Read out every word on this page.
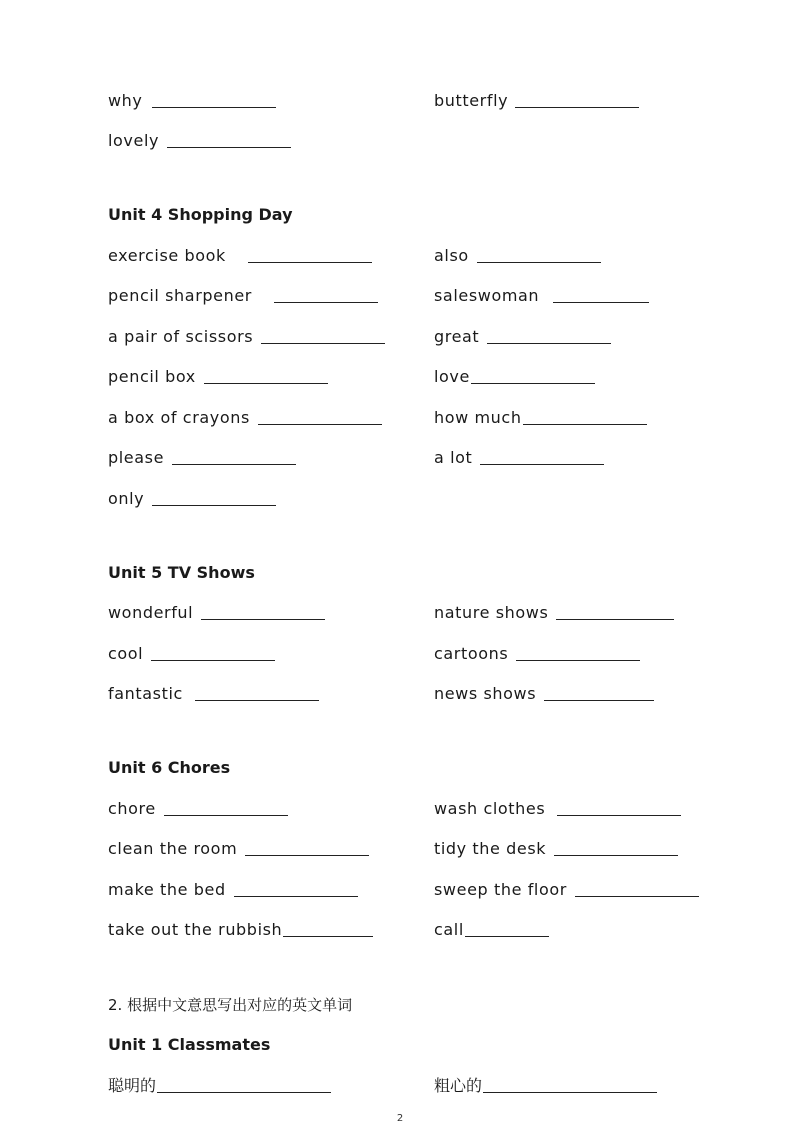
why	butterfly
lovely
Unit 4 Shopping Day
exercise book	also
pencil sharpener	saleswoman
a pair of scissors	great
pencil box	love
a box of crayons	how much
please	a lot
only
Unit 5 TV Shows
wonderful	nature shows
cool	cartoons
fantastic	news shows
Unit 6 Chores
chore	wash clothes
clean the room	tidy the desk
make the bed	sweep the floor
take out the rubbish	call
2. 根据中文意思写出对应的英文单词
Unit 1 Classmates
聪明的	粗心的
2
